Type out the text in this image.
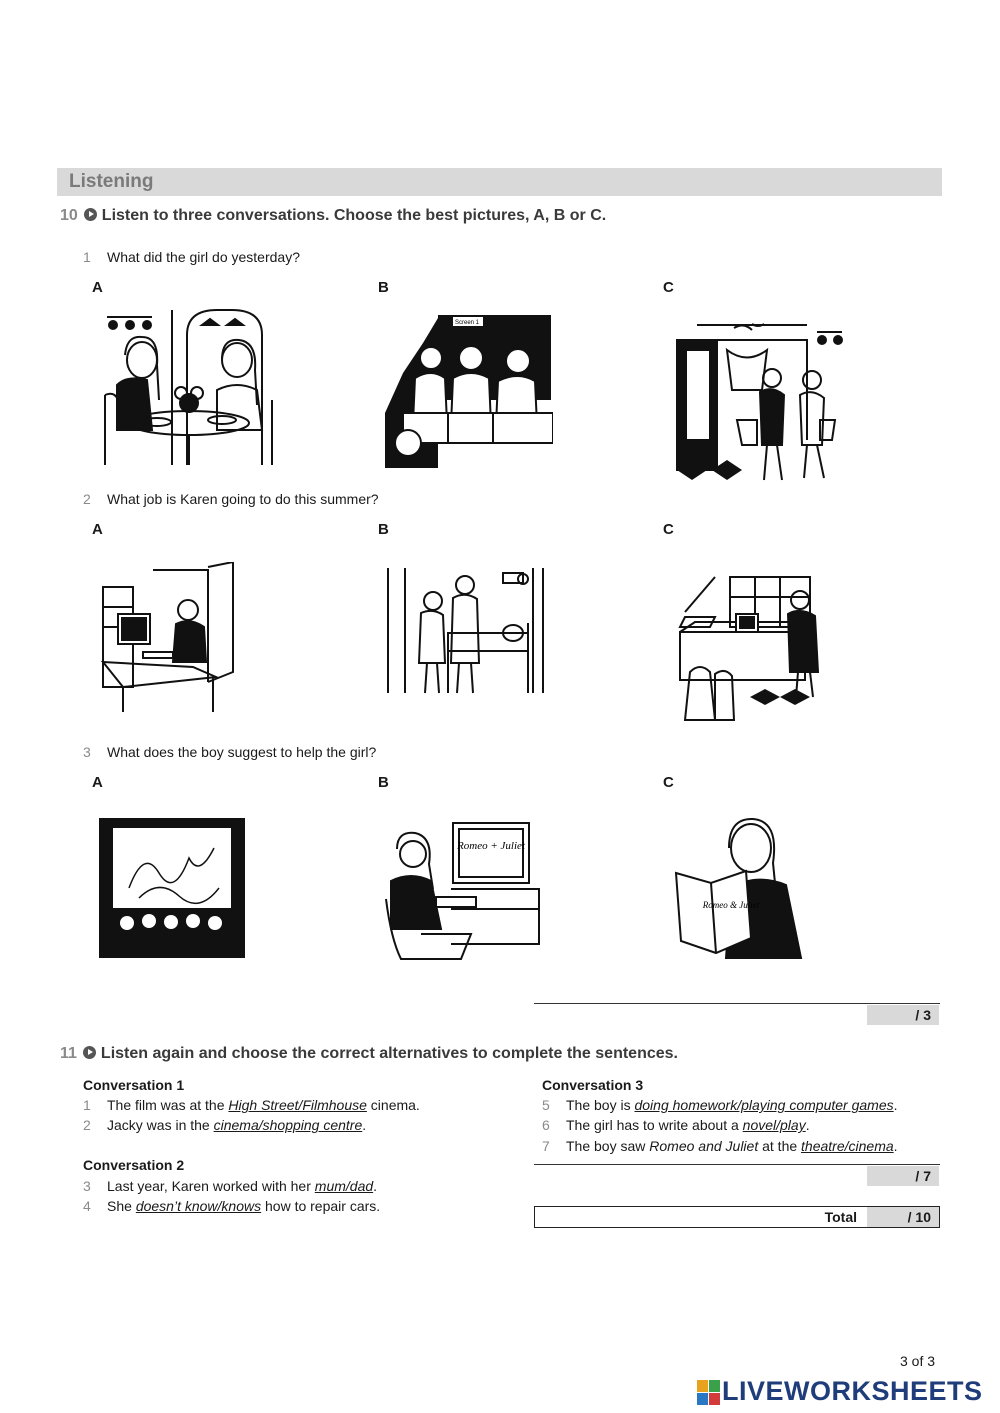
Listening
10 Listen to three conversations. Choose the best pictures, A, B or C.
1 What did the girl do yesterday?
A	B	C
Screen 1
2 What job is Karen going to do this summer?
A	B	C
3 What does the boy suggest to help the girl?
A	B	C
Romeo + Juliet
Romeo & Juliet
/ 3
11 Listen again and choose the correct alternatives to complete the sentences.
Conversation 1
1 The film was at the High Street/Filmhouse cinema.
2 Jacky was in the cinema/shopping centre.
Conversation 2
3 Last year, Karen worked with her mum/dad.
4 She doesn’t know/knows how to repair cars.
Conversation 3
5 The boy is doing homework/playing computer games.
6 The girl has to write about a novel/play.
7 The boy saw Romeo and Juliet at the theatre/cinema.
/ 7
Total	/ 10
3 of 3
LIVEWORKSHEETS
